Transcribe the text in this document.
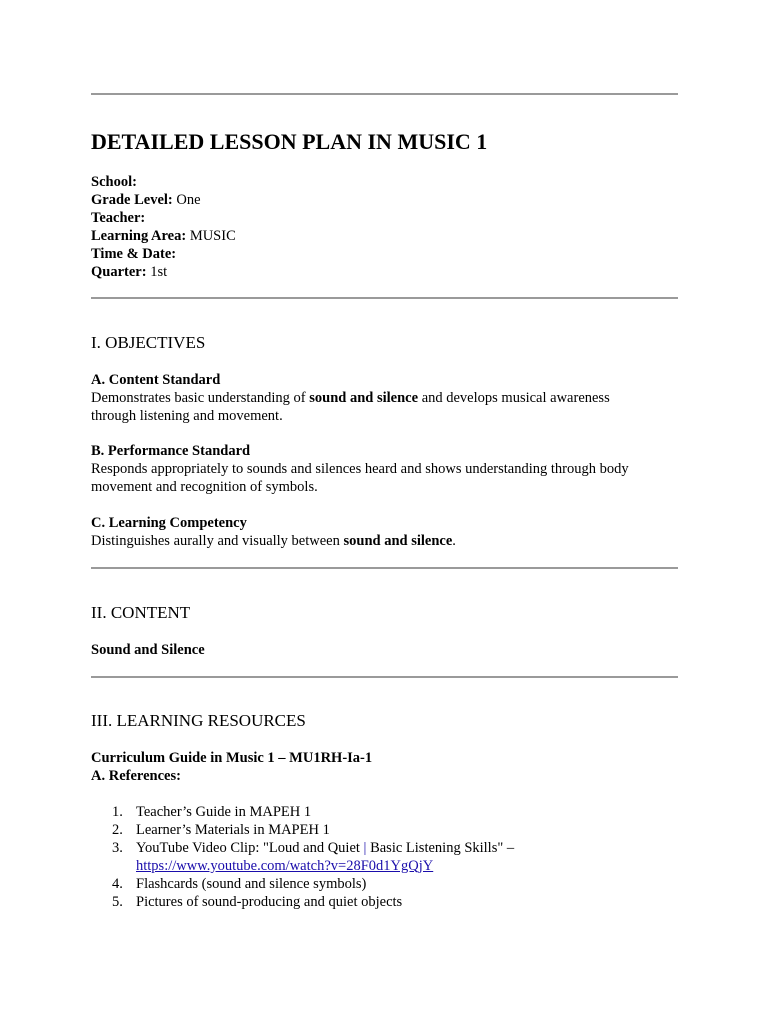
DETAILED LESSON PLAN IN MUSIC 1
School:
Grade Level: One
Teacher:
Learning Area: MUSIC
Time & Date:
Quarter: 1st
I. OBJECTIVES
A. Content Standard
Demonstrates basic understanding of sound and silence and develops musical awareness
through listening and movement.
B. Performance Standard
Responds appropriately to sounds and silences heard and shows understanding through body
movement and recognition of symbols.
C. Learning Competency
Distinguishes aurally and visually between sound and silence.
II. CONTENT
Sound and Silence
III. LEARNING RESOURCES
Curriculum Guide in Music 1 – MU1RH-Ia-1
A. References:
1. Teacher’s Guide in MAPEH 1
2. Learner’s Materials in MAPEH 1
3. YouTube Video Clip: "Loud and Quiet | Basic Listening Skills" –
https://www.youtube.com/watch?v=28F0d1YgQjY
4. Flashcards (sound and silence symbols)
5. Pictures of sound-producing and quiet objects
